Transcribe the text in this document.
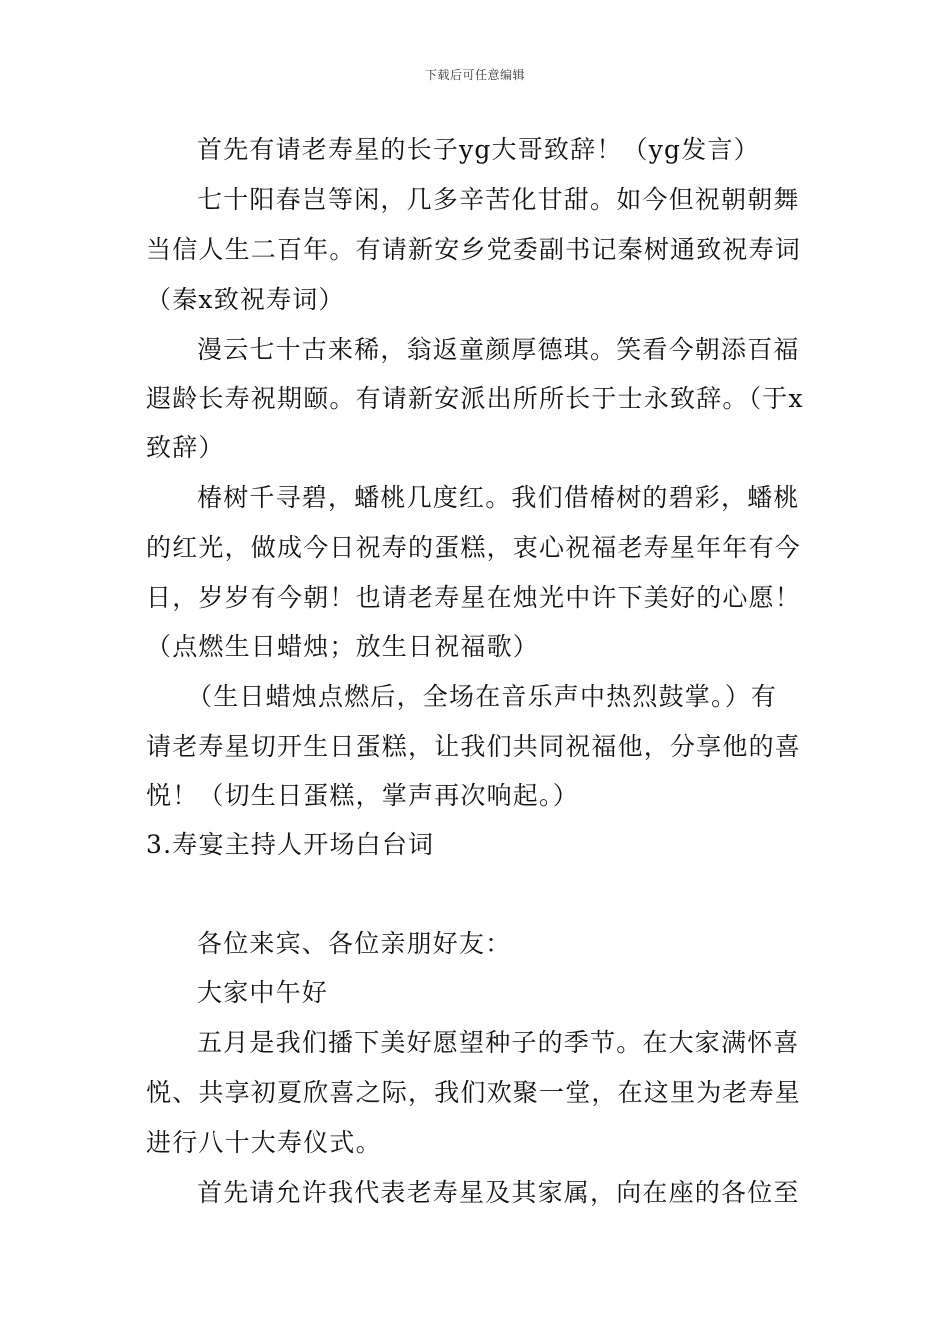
下载后可任意编辑
首先有请老寿星的长子yg大哥致辞！（yg发言）
七十阳春岂等闲，几多辛苦化甘甜。如今但祝朝朝舞
当信人生二百年。有请新安乡党委副书记秦树通致祝寿词
（秦x致祝寿词）
漫云七十古来稀，翁返童颜厚德琪。笑看今朝添百福
遐龄长寿祝期颐。有请新安派出所所长于士永致辞。（于x
致辞）
椿树千寻碧，蟠桃几度红。我们借椿树的碧彩，蟠桃
的红光，做成今日祝寿的蛋糕，衷心祝福老寿星年年有今
日，岁岁有今朝！也请老寿星在烛光中许下美好的心愿！
（点燃生日蜡烛；放生日祝福歌）
（生日蜡烛点燃后，全场在音乐声中热烈鼓掌。）有
请老寿星切开生日蛋糕，让我们共同祝福他，分享他的喜
悦！（切生日蛋糕，掌声再次响起。）
3.寿宴主持人开场白台词
各位来宾、各位亲朋好友：
大家中午好
五月是我们播下美好愿望种子的季节。在大家满怀喜
悦、共享初夏欣喜之际，我们欢聚一堂，在这里为老寿星
进行八十大寿仪式。
首先请允许我代表老寿星及其家属，向在座的各位至
